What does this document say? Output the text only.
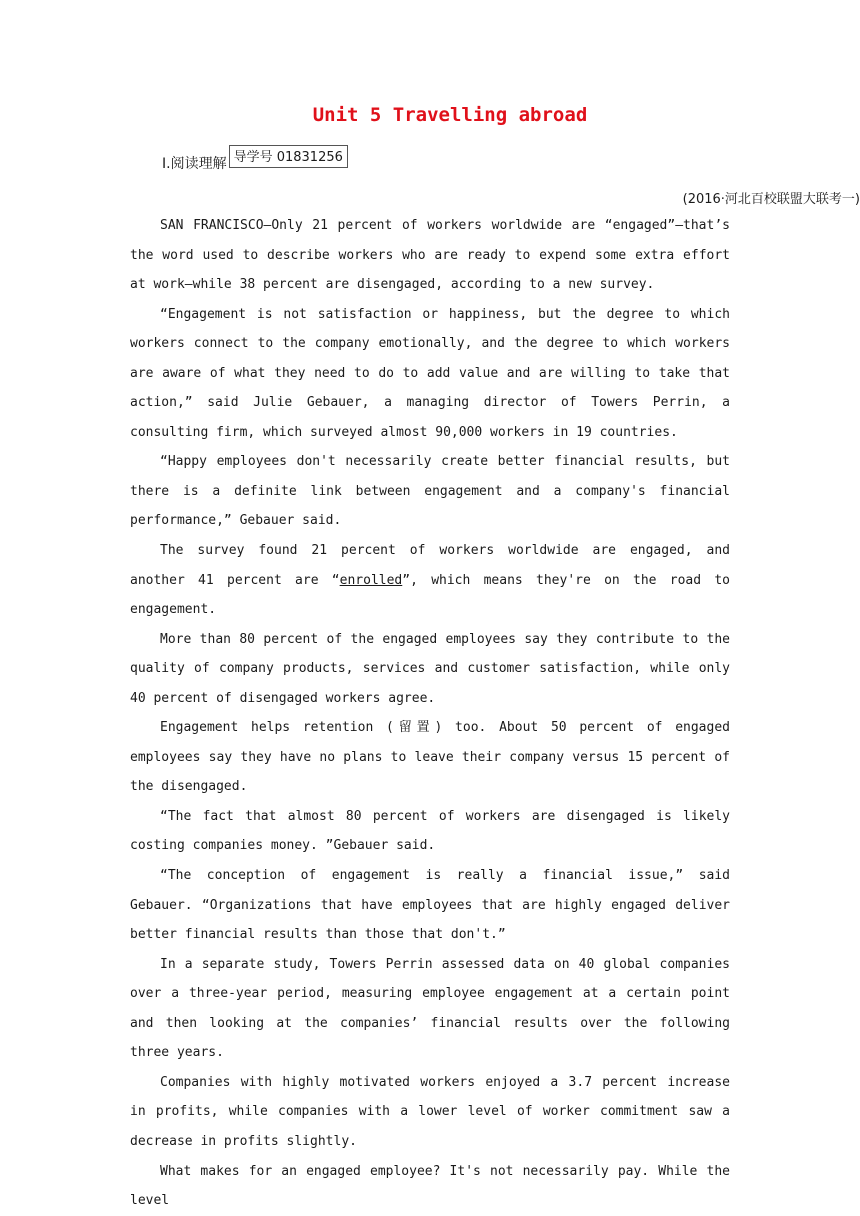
Unit 5 Travelling abroad
Ⅰ.阅读理解 导学号 01831256
(2016·河北百校联盟大联考一)

SAN FRANCISCO—Only 21 percent of workers worldwide are “engaged”—that’s the word used to describe workers who are ready to expend some extra effort at work—while 38 percent are disengaged, according to a new survey.

“Engagement is not satisfaction or happiness, but the degree to which workers connect to the company emotionally, and the degree to which workers are aware of what they need to do to add value and are willing to take that action,” said Julie Gebauer, a managing director of Towers Perrin, a consulting firm, which surveyed almost 90,000 workers in 19 countries.

“Happy employees don't necessarily create better financial results, but there is a definite link between engagement and a company's financial performance,” Gebauer said.

The survey found 21 percent of workers worldwide are engaged, and another 41 percent are “enrolled”, which means they're on the road to engagement.

More than 80 percent of the engaged employees say they contribute to the quality of company products, services and customer satisfaction, while only 40 percent of disengaged workers agree.

Engagement helps retention (留置) too. About 50 percent of engaged employees say they have no plans to leave their company versus 15 percent of the disengaged.

“The fact that almost 80 percent of workers are disengaged is likely costing companies money. ”Gebauer said.

“The conception of engagement is really a financial issue,” said Gebauer. “Organizations that have employees that are highly engaged deliver better financial results than those that don't.”

In a separate study, Towers Perrin assessed data on 40 global companies over a three-year period, measuring employee engagement at a certain point and then looking at the companies’ financial results over the following three years.

Companies with highly motivated workers enjoyed a 3.7 percent increase in profits, while companies with a lower level of worker commitment saw a decrease in profits slightly.

What makes for an engaged employee? It's not necessarily pay. While the level
